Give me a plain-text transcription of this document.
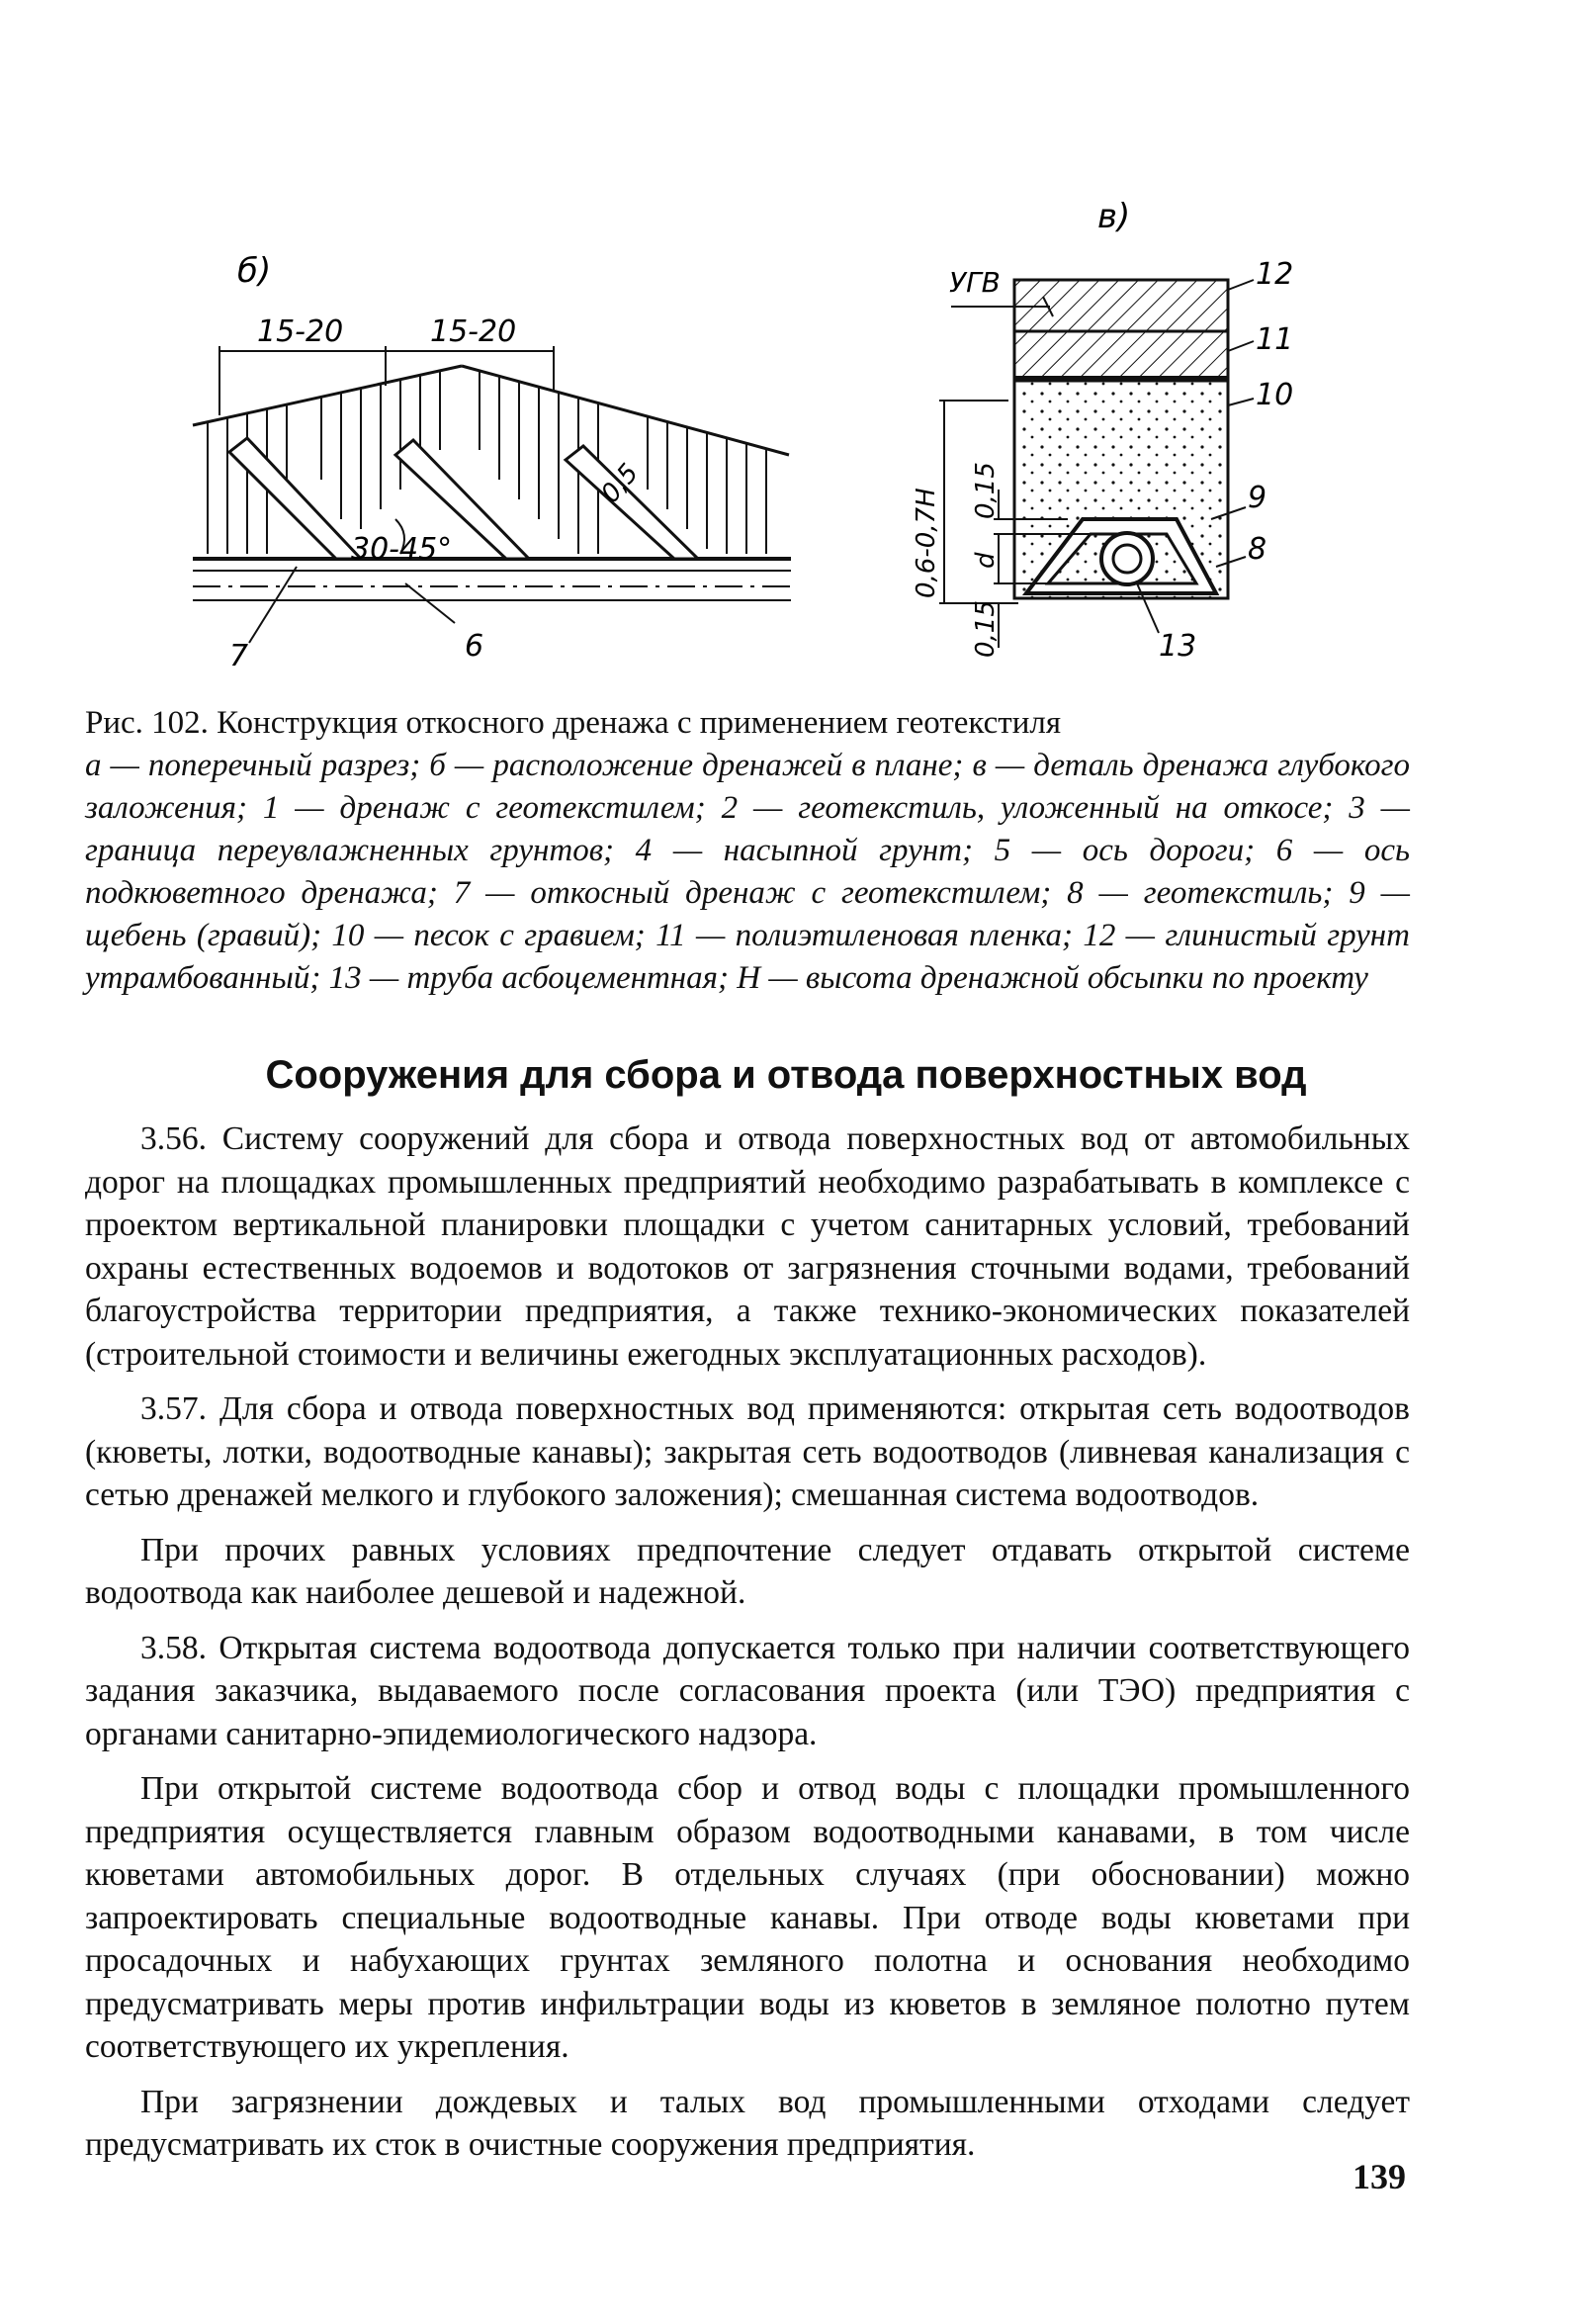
б)
15-20	15-20
30-45°
0,5
7	6
в)
УГВ	12
11
10
9
8
13
0,6-0,7H 0,15
d
0,15
Рис. 102. Конструкция откосного дренажа с применением геотекстиля
а — поперечный разрез; б — расположение дренажей в плане; в — деталь дренажа глубокого заложения; 1 — дренаж с геотекстилем; 2 — геотекстиль, уложенный на откосе; 3 — граница переувлажненных грунтов; 4 — насыпной грунт; 5 — ось дороги; 6 — ось подкюветного дренажа; 7 — откосный дренаж с геотекстилем; 8 — геотекстиль; 9 — щебень (гравий); 10 — песок с гравием; 11 — полиэтиленовая пленка; 12 — глинистый грунт утрамбованный; 13 — труба асбоцементная; Н — высота дренажной обсыпки по проекту
Сооружения для сбора и отвода поверхностных вод

3.56. Систему сооружений для сбора и отвода поверхностных вод от автомобильных дорог на площадках промышленных предприятий необходимо разрабатывать в комплексе с проектом вертикальной планировки площадки с учетом санитарных условий, требований охраны естественных водоемов и водотоков от загрязнения сточными водами, требований благоустройства территории предприятия, а также технико-экономических показателей (строительной стоимости и величины ежегодных эксплуатационных расходов).

3.57. Для сбора и отвода поверхностных вод применяются: открытая сеть водоотводов (кюветы, лотки, водоотводные канавы); закрытая сеть водоотводов (ливневая канализация с сетью дренажей мелкого и глубокого заложения); смешанная система водоотводов.

При прочих равных условиях предпочтение следует отдавать открытой системе водоотвода как наиболее дешевой и надежной.

3.58. Открытая система водоотвода допускается только при наличии соответствующего задания заказчика, выдаваемого после согласования проекта (или ТЭО) предприятия с органами санитарно-эпидемиологического надзора.

При открытой системе водоотвода сбор и отвод воды с площадки промышленного предприятия осуществляется главным образом водоотводными канавами, в том числе кюветами автомобильных дорог. В отдельных случаях (при обосновании) можно запроектировать специальные водоотводные канавы. При отводе воды кюветами при просадочных и набухающих грунтах земляного полотна и основания необходимо предусматривать меры против инфильтрации воды из кюветов в земляное полотно путем соответствующего их укрепления.

При загрязнении дождевых и талых вод промышленными отходами следует предусматривать их сток в очистные сооружения предприятия.

139
